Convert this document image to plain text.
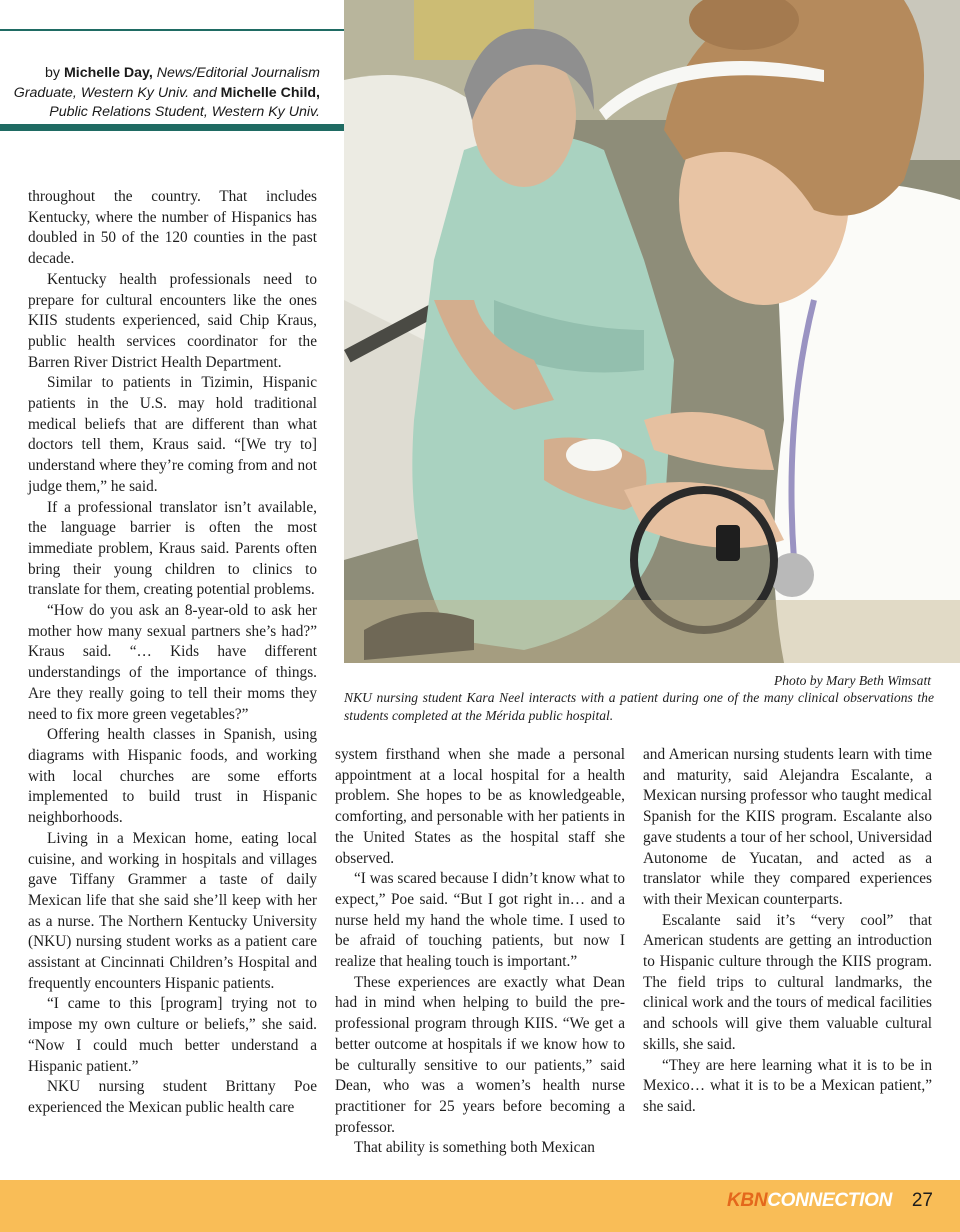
by Michelle Day, News/Editorial Journalism Graduate, Western Ky Univ. and Michelle Child, Public Relations Student, Western Ky Univ.
Photo by Mary Beth Wimsatt
NKU nursing student Kara Neel interacts with a patient during one of the many clinical observations the students completed at the Mérida public hospital.

throughout the country. That includes Kentucky, where the number of Hispanics has doubled in 50 of the 120 counties in the past decade.

Kentucky health professionals need to prepare for cultural encounters like the ones KIIS students experienced, said Chip Kraus, public health services coordinator for the Barren River District Health Department.

Similar to patients in Tizimin, Hispanic patients in the U.S. may hold traditional medical beliefs that are different than what doctors tell them, Kraus said. “[We try to] understand where they’re coming from and not judge them,” he said.

If a professional translator isn’t available, the language barrier is often the most immediate problem, Kraus said. Parents often bring their young children to clinics to translate for them, creating potential problems.

“How do you ask an 8-year-old to ask her mother how many sexual partners she’s had?” Kraus said. “… Kids have different understandings of the importance of things. Are they really going to tell their moms they need to fix more green vegetables?”

Offering health classes in Spanish, using diagrams with Hispanic foods, and working with local churches are some efforts implemented to build trust in Hispanic neighborhoods.

Living in a Mexican home, eating local cuisine, and working in hospitals and villages gave Tiffany Grammer a taste of daily Mexican life that she said she’ll keep with her as a nurse. The Northern Kentucky University (NKU) nursing student works as a patient care assistant at Cincinnati Children’s Hospital and frequently encounters Hispanic patients.

“I came to this [program] trying not to impose my own culture or beliefs,” she said. “Now I could much better understand a Hispanic patient.”

NKU nursing student Brittany Poe experienced the Mexican public health care

system firsthand when she made a personal appointment at a local hospital for a health problem. She hopes to be as knowledgeable, comforting, and personable with her patients in the United States as the hospital staff she observed.

“I was scared because I didn’t know what to expect,” Poe said. “But I got right in… and a nurse held my hand the whole time. I used to be afraid of touching patients, but now I realize that healing touch is important.”

These experiences are exactly what Dean had in mind when helping to build the pre-professional program through KIIS. “We get a better outcome at hospitals if we know how to be culturally sensitive to our patients,” said Dean, who was a women’s health nurse practitioner for 25 years before becoming a professor.

That ability is something both Mexican

and American nursing students learn with time and maturity, said Alejandra Escalante, a Mexican nursing professor who taught medical Spanish for the KIIS program. Escalante also gave students a tour of her school, Universidad Autonome de Yucatan, and acted as a translator while they compared experiences with their Mexican counterparts.

Escalante said it’s “very cool” that American students are getting an introduction to Hispanic culture through the KIIS program. The field trips to cultural landmarks, the clinical work and the tours of medical facilities and schools will give them valuable cultural skills, she said.

“They are here learning what it is to be in Mexico… what it is to be a Mexican patient,” she said.

KBNCONNECTION 27
